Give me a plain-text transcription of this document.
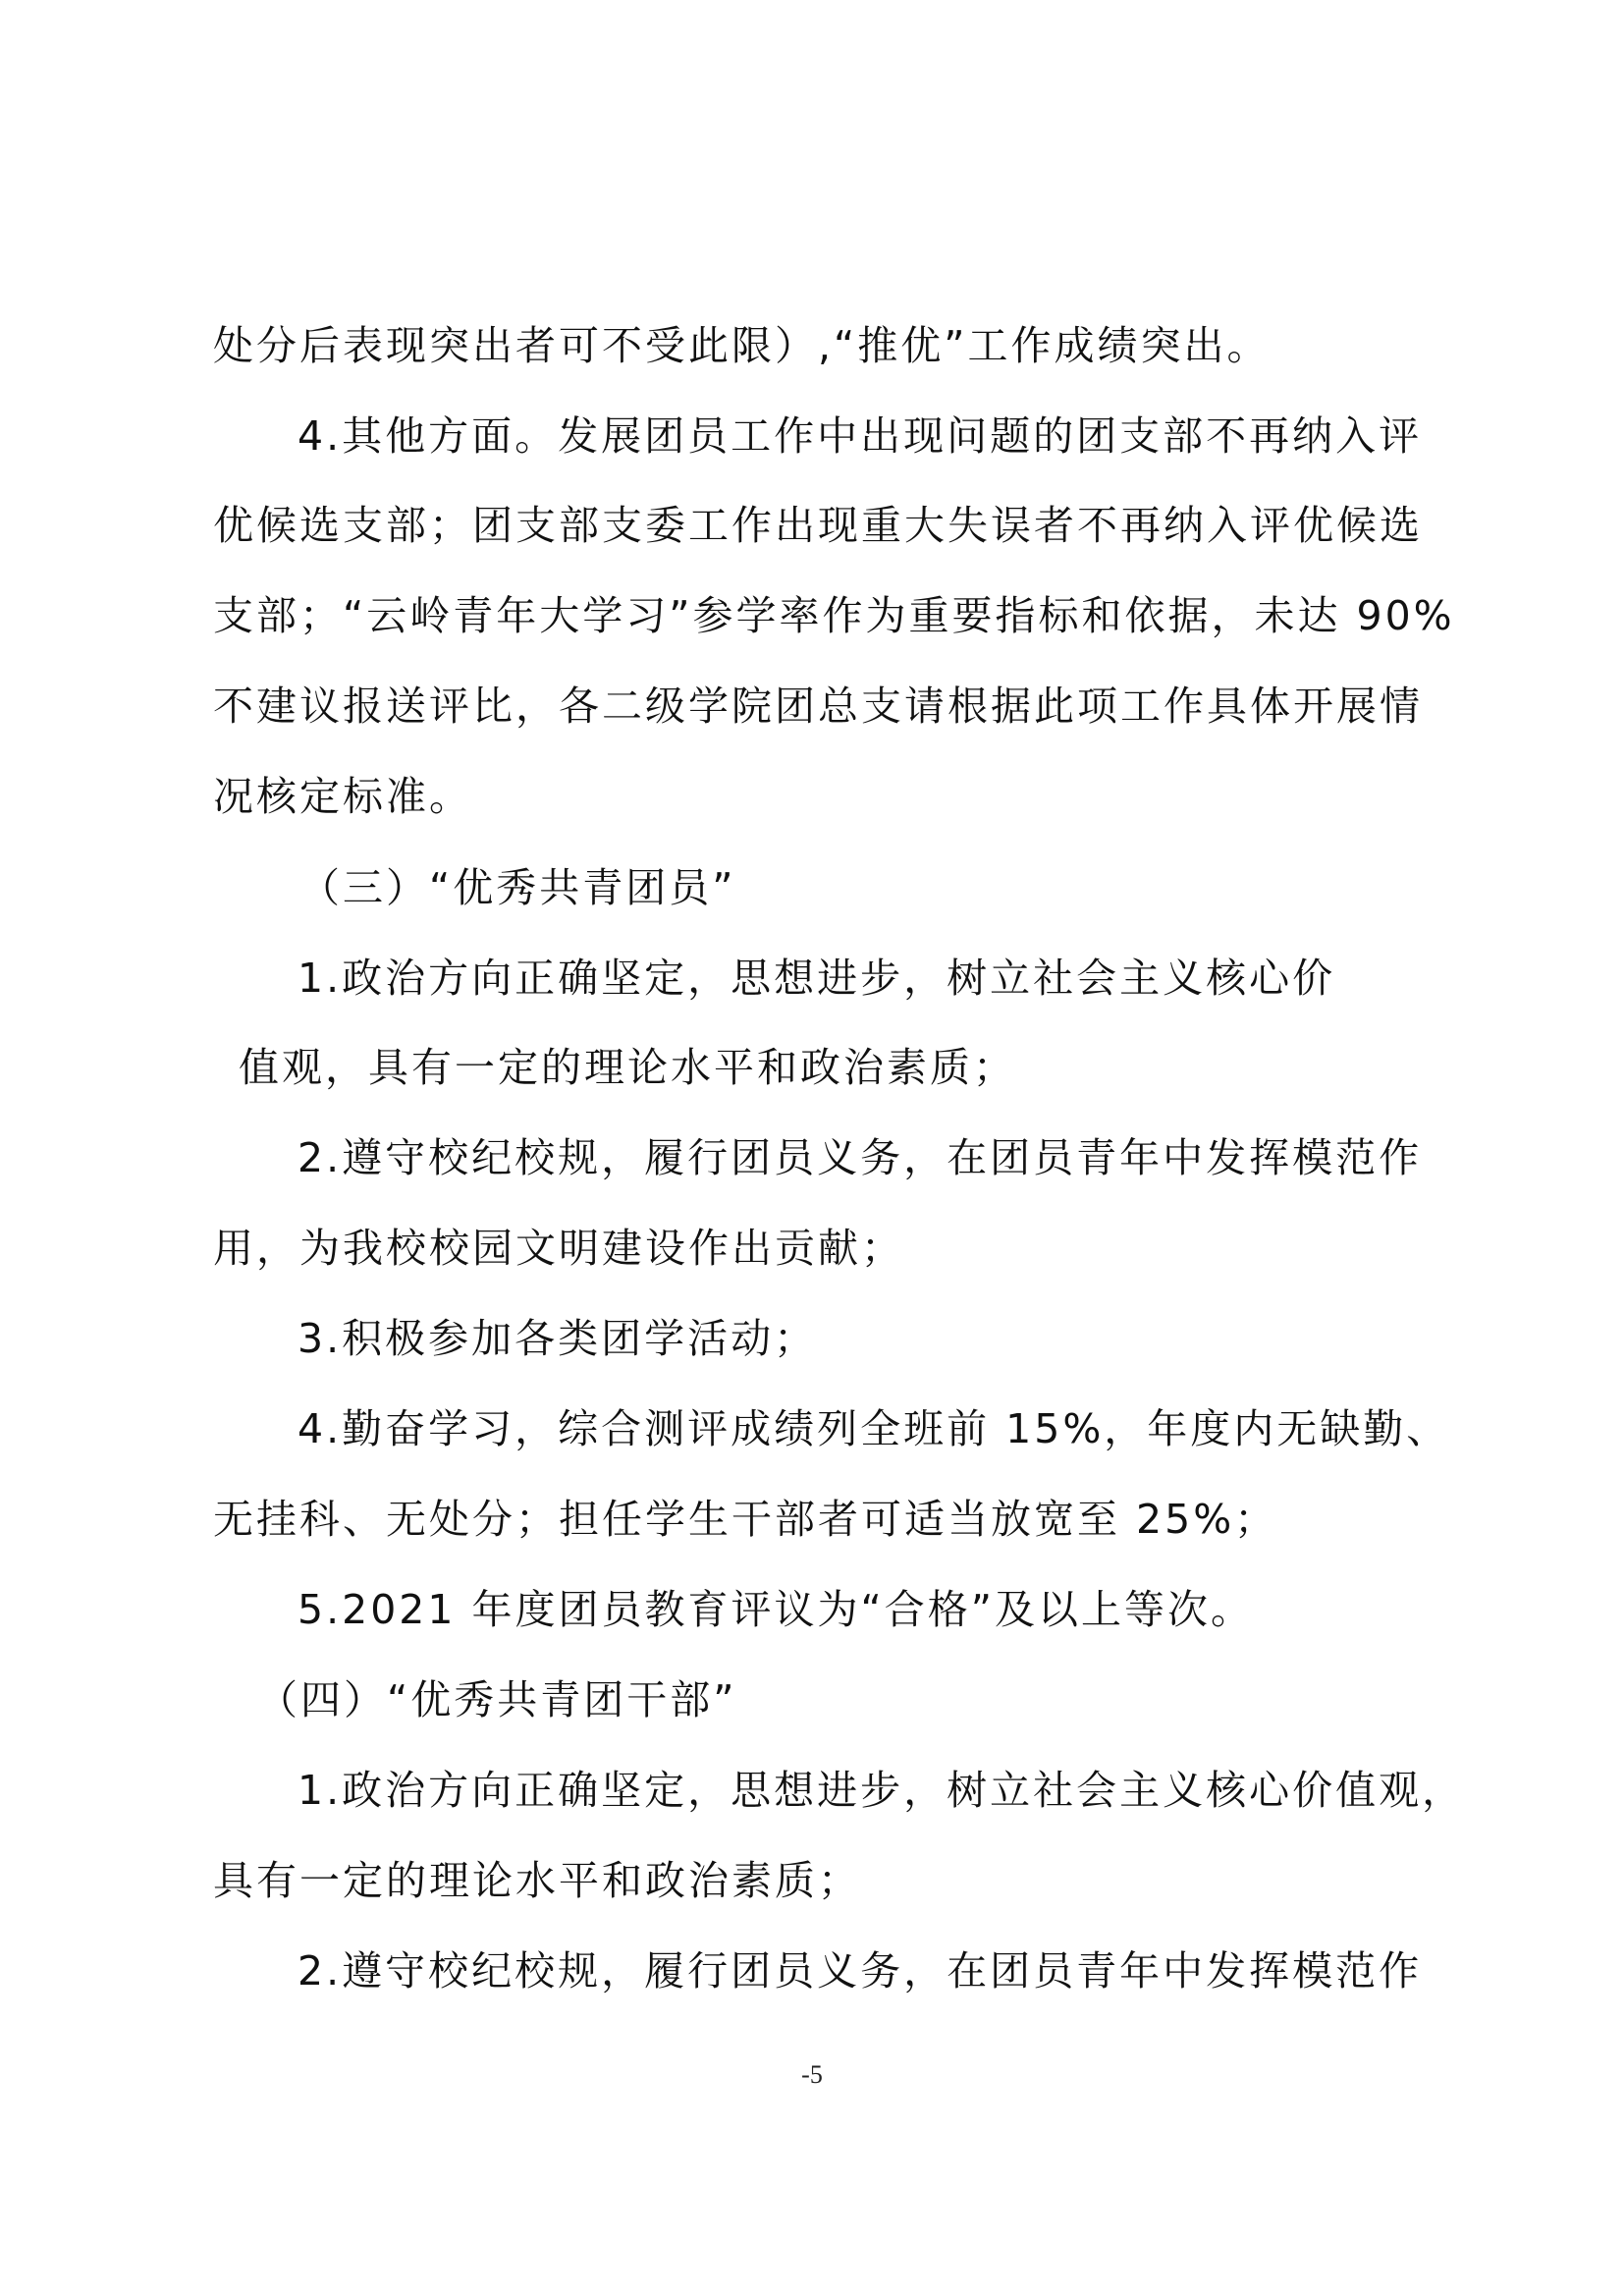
处分后表现突出者可不受此限）,“推优”工作成绩突出。
4.其他方面。发展团员工作中出现问题的团支部不再纳入评
优候选支部；团支部支委工作出现重大失误者不再纳入评优候选
支部；“云岭青年大学习”参学率作为重要指标和依据，未达 90%
不建议报送评比，各二级学院团总支请根据此项工作具体开展情
况核定标准。
（三）“优秀共青团员”
1.政治方向正确坚定，思想进步，树立社会主义核心价
值观，具有一定的理论水平和政治素质；
2.遵守校纪校规，履行团员义务，在团员青年中发挥模范作
用，为我校校园文明建设作出贡献；
3.积极参加各类团学活动；
4.勤奋学习，综合测评成绩列全班前 15%，年度内无缺勤、
无挂科、无处分；担任学生干部者可适当放宽至 25%；
5.2021 年度团员教育评议为“合格”及以上等次。
（四）“优秀共青团干部”
1.政治方向正确坚定，思想进步，树立社会主义核心价值观，
具有一定的理论水平和政治素质；
2.遵守校纪校规，履行团员义务，在团员青年中发挥模范作
-5
